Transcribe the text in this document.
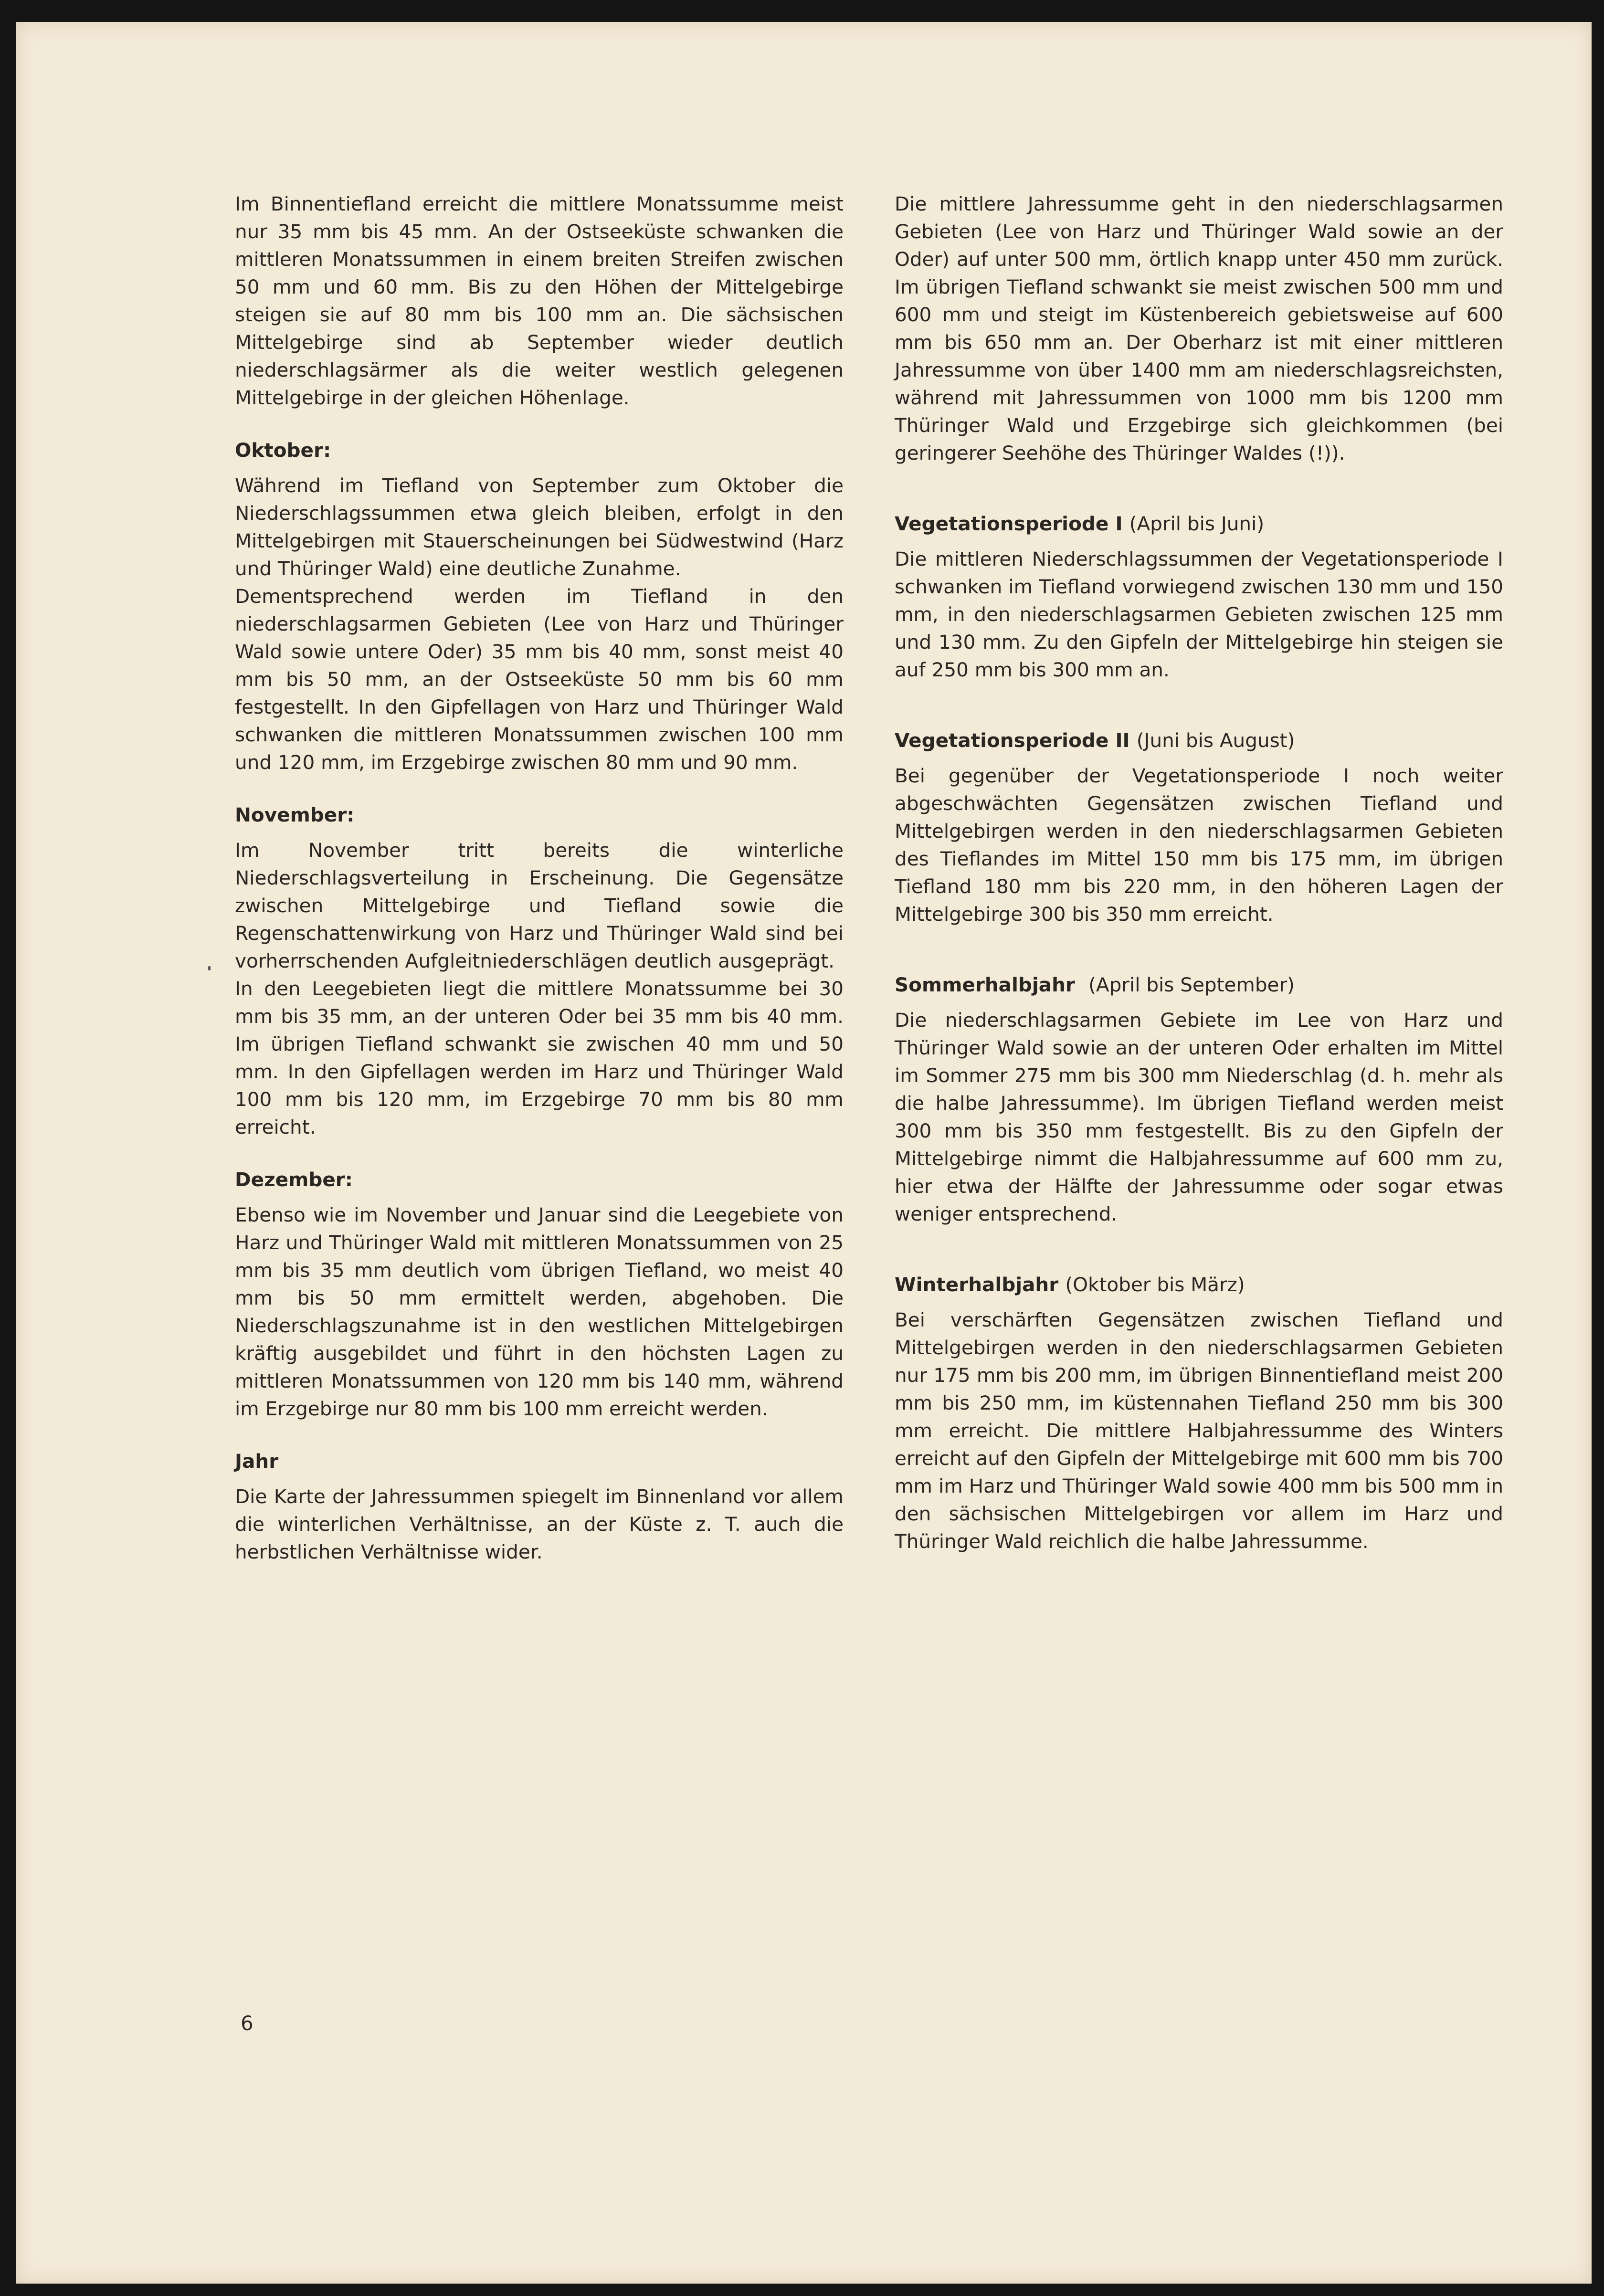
Im Binnentiefland erreicht die mittlere Monatssumme meist nur 35 mm bis 45 mm. An der Ostseeküste schwanken die mittleren Monatssummen in einem breiten Streifen zwischen 50 mm und 60 mm. Bis zu den Höhen der Mittelgebirge steigen sie auf 80 mm bis 100 mm an. Die sächsischen Mittelgebirge sind ab September wieder deutlich niederschlagsärmer als die weiter westlich gelegenen Mittelgebirge in der gleichen Höhenlage.

Oktober:

Während im Tiefland von September zum Oktober die Niederschlagssummen etwa gleich bleiben, erfolgt in den Mittelgebirgen mit Stauerscheinungen bei Südwestwind (Harz und Thüringer Wald) eine deutliche Zunahme.

Dementsprechend werden im Tiefland in den niederschlagsarmen Gebieten (Lee von Harz und Thüringer Wald sowie untere Oder) 35 mm bis 40 mm, sonst meist 40 mm bis 50 mm, an der Ostseeküste 50 mm bis 60 mm festgestellt. In den Gipfellagen von Harz und Thüringer Wald schwanken die mittleren Monatssummen zwischen 100 mm und 120 mm, im Erzgebirge zwischen 80 mm und 90 mm.

November:

Im November tritt bereits die winterliche Niederschlagsverteilung in Erscheinung. Die Gegensätze zwischen Mittelgebirge und Tiefland sowie die Regenschattenwirkung von Harz und Thüringer Wald sind bei vorherrschenden Aufgleitniederschlägen deutlich ausgeprägt.

In den Leegebieten liegt die mittlere Monatssumme bei 30 mm bis 35 mm, an der unteren Oder bei 35 mm bis 40 mm. Im übrigen Tiefland schwankt sie zwischen 40 mm und 50 mm. In den Gipfellagen werden im Harz und Thüringer Wald 100 mm bis 120 mm, im Erzgebirge 70 mm bis 80 mm erreicht.

Dezember:

Ebenso wie im November und Januar sind die Leegebiete von Harz und Thüringer Wald mit mittleren Monatssummen von 25 mm bis 35 mm deutlich vom übrigen Tiefland, wo meist 40 mm bis 50 mm ermittelt werden, abgehoben. Die Niederschlagszunahme ist in den westlichen Mittelgebirgen kräftig ausgebildet und führt in den höchsten Lagen zu mittleren Monatssummen von 120 mm bis 140 mm, während im Erzgebirge nur 80 mm bis 100 mm erreicht werden.

Jahr

Die Karte der Jahressummen spiegelt im Binnenland vor allem die winterlichen Verhältnisse, an der Küste z. T. auch die herbstlichen Verhältnisse wider.

Die mittlere Jahressumme geht in den niederschlagsarmen Gebieten (Lee von Harz und Thüringer Wald sowie an der Oder) auf unter 500 mm, örtlich knapp unter 450 mm zurück. Im übrigen Tiefland schwankt sie meist zwischen 500 mm und 600 mm und steigt im Küstenbereich gebietsweise auf 600 mm bis 650 mm an. Der Oberharz ist mit einer mittleren Jahressumme von über 1400 mm am niederschlagsreichsten, während mit Jahressummen von 1000 mm bis 1200 mm Thüringer Wald und Erzgebirge sich gleichkommen (bei geringerer Seehöhe des Thüringer Waldes (!)).

Vegetationsperiode I (April bis Juni)

Die mittleren Niederschlagssummen der Vegetationsperiode I schwanken im Tiefland vorwiegend zwischen 130 mm und 150 mm, in den niederschlagsarmen Gebieten zwischen 125 mm und 130 mm. Zu den Gipfeln der Mittelgebirge hin steigen sie auf 250 mm bis 300 mm an.

Vegetationsperiode II (Juni bis August)

Bei gegenüber der Vegetationsperiode I noch weiter abgeschwächten Gegensätzen zwischen Tiefland und Mittelgebirgen werden in den niederschlagsarmen Gebieten des Tieflandes im Mittel 150 mm bis 175 mm, im übrigen Tiefland 180 mm bis 220 mm, in den höheren Lagen der Mittelgebirge 300 bis 350 mm erreicht.

Sommerhalbjahr (April bis September)

Die niederschlagsarmen Gebiete im Lee von Harz und Thüringer Wald sowie an der unteren Oder erhalten im Mittel im Sommer 275 mm bis 300 mm Niederschlag (d. h. mehr als die halbe Jahressumme). Im übrigen Tiefland werden meist 300 mm bis 350 mm festgestellt. Bis zu den Gipfeln der Mittelgebirge nimmt die Halbjahressumme auf 600 mm zu, hier etwa der Hälfte der Jahressumme oder sogar etwas weniger entsprechend.

Winterhalbjahr (Oktober bis März)

Bei verschärften Gegensätzen zwischen Tiefland und Mittelgebirgen werden in den niederschlagsarmen Gebieten nur 175 mm bis 200 mm, im übrigen Binnentiefland meist 200 mm bis 250 mm, im küstennahen Tiefland 250 mm bis 300 mm erreicht. Die mittlere Halbjahressumme des Winters erreicht auf den Gipfeln der Mittelgebirge mit 600 mm bis 700 mm im Harz und Thüringer Wald sowie 400 mm bis 500 mm in den sächsischen Mittelgebirgen vor allem im Harz und Thüringer Wald reichlich die halbe Jahressumme.

6
